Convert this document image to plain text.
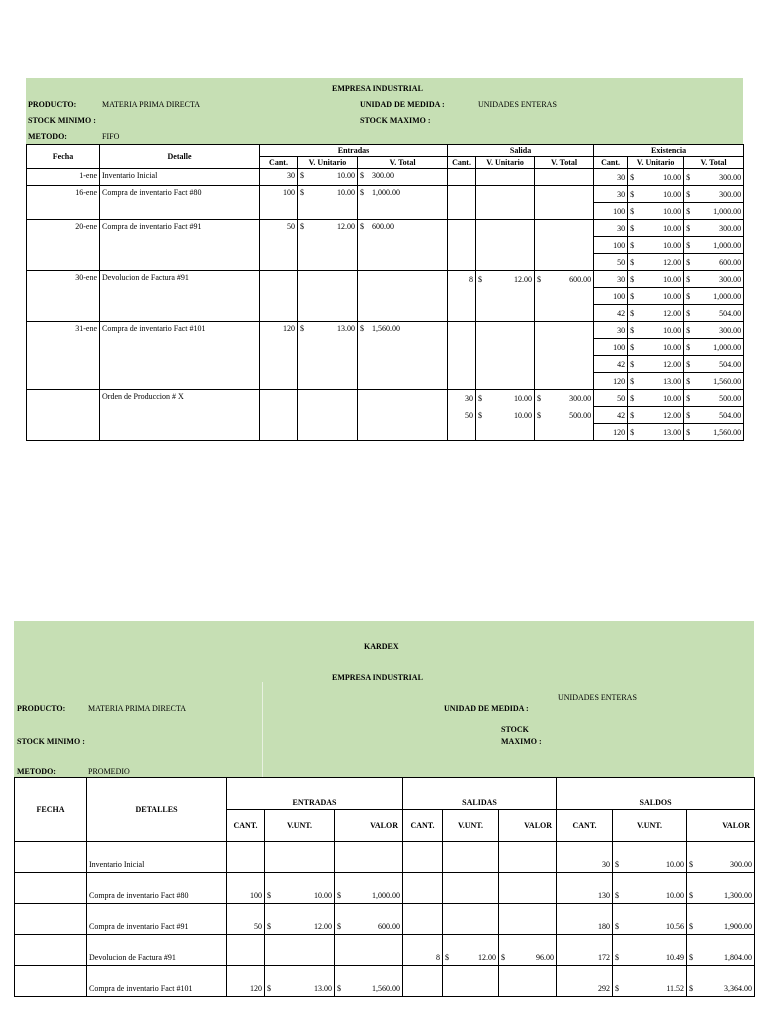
EMPRESA INDUSTRIAL
PRODUCTO:	MATERIA PRIMA DIRECTA	UNIDAD DE MEDIDA :	UNIDADES ENTERAS
STOCK MINIMO :	STOCK MAXIMO :
METODO:	FIFO
Fecha	Detalle	Entradas			Salida			Existencia		
		Cant.	V. Unitario	V. Total	Cant.	V. Unitario	V. Total	Cant.	V. Unitario	V. Total
1-ene	Inventario Inicial	30	$ 10.00	$ 300.00				30	$ 10.00	$ 300.00

16-ene	Compra de inventario Fact #80	100	$ 10.00	$ 1,000.00				30	$ 10.00	$ 300.00

								100	$ 10.00	$ 1,000.00

20-ene	Compra de inventario Fact #91	50	$ 12.00	$ 600.00				30	$ 10.00	$ 300.00

								100	$ 10.00	$ 1,000.00

								50	$ 12.00	$ 600.00

30-ene	Devolucion de Factura #91				8	$ 12.00	$ 600.00	30	$ 10.00	$ 300.00

								100	$ 10.00	$ 1,000.00

								42	$ 12.00	$ 504.00

31-ene	Compra de inventario Fact #101	120	$ 13.00	$ 1,560.00				30	$ 10.00	$ 300.00

								100	$ 10.00	$ 1,000.00

								42	$ 12.00	$ 504.00

								120	$ 13.00	$ 1,560.00

	Orden de Produccion # X				30	$ 10.00	$ 300.00	50	$ 10.00	$ 500.00

					50	$ 10.00	$ 500.00	42	$ 12.00	$ 504.00

								120	$ 13.00	$ 1,560.00
KARDEX
EMPRESA INDUSTRIAL
UNIDADES ENTERAS
PRODUCTO:	MATERIA PRIMA DIRECTA	UNIDAD DE MEDIDA :
STOCK
STOCK MINIMO :	MAXIMO :
METODO:	PROMEDIO
FECHA	DETALLES	ENTRADAS			SALIDAS			SALDOS		
		CANT.	V.UNT.	VALOR	CANT.	V.UNT.	VALOR	CANT.	V.UNT.	VALOR
	Inventario Inicial							30	$ 10.00	$ 300.00

	Compra de inventario Fact #80	100	$ 10.00	$ 1,000.00				130	$ 10.00	$ 1,300.00

	Compra de inventario Fact #91	50	$ 12.00	$ 600.00				180	$ 10.56	$ 1,900.00

	Devolucion de Factura #91				8	$ 12.00	$ 96.00	172	$ 10.49	$ 1,804.00

	Compra de inventario Fact #101	120	$ 13.00	$ 1,560.00				292	$ 11.52	$ 3,364.00
